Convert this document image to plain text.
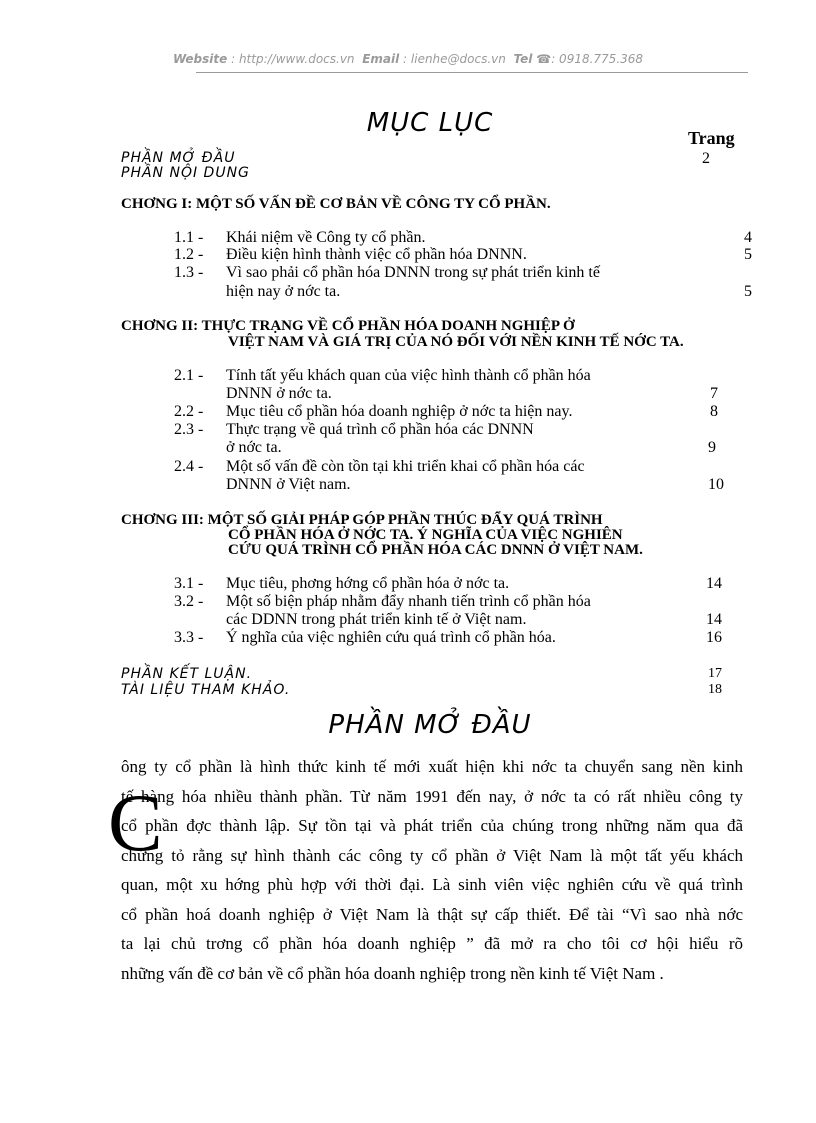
Website : http://www.docs.vn Email : lienhe@docs.vn Tel ☎: 0918.775.368
MỤC LỤC	Trang
PHẦN MỞ ĐẦU	2
PHẦN NỘI DUNG
CHƠNG I: MỘT SỐ VẤN ĐỀ CƠ BẢN VỀ CÔNG TY CỔ PHẦN.
1.1 - Khái niệm về Công ty cổ phần.	4
1.2 - Điều kiện hình thành việc cổ phần hóa DNNN.	5
1.3 - Vì sao phải cổ phần hóa DNNN trong sự phát triển kinh tế
hiện nay ở nớc ta.	5
CHƠNG II: THỰC TRẠNG VỀ CỔ PHẦN HÓA DOANH NGHIỆP Ở
VIỆT NAM VÀ GIÁ TRỊ CỦA NÓ ĐỐI VỚI NỀN KINH TẾ NỚC TA.
2.1 - Tính tất yếu khách quan của việc hình thành cổ phần hóa
DNNN ở nớc ta.	7
2.2 - Mục tiêu cổ phần hóa doanh nghiệp ở nớc ta hiện nay.	8
2.3 - Thực trạng về quá trình cổ phần hóa các DNNN
ở nớc ta.	9
2.4 - Một số vấn đề còn tồn tại khi triển khai cổ phần hóa các
DNNN ở Việt nam.	10
CHƠNG III: MỘT SỐ GIẢI PHÁP GÓP PHẦN THÚC ĐẨY QUÁ TRÌNH
CỔ PHẦN HÓA Ở NỚC TA. Ý NGHĨA CỦA VIỆC NGHIÊN
CỨU QUÁ TRÌNH CỔ PHẦN HÓA CÁC DNNN Ở VIỆT NAM.
3.1 - Mục tiêu, phơng hớng cổ phần hóa ở nớc ta.	14
3.2 - Một số biện pháp nhằm đẩy nhanh tiến trình cổ phần hóa
các DDNN trong phát triển kinh tế ở Việt nam.	14
3.3 - Ý nghĩa của việc nghiên cứu quá trình cổ phần hóa.	16
PHẦN KẾT LUẬN.	17
TÀI LIỆU THAM KHẢO.	18
PHẦN MỞ ĐẦU
C

ông ty cổ phần là hình thức kinh tế mới xuất hiện khi nớc ta chuyển sang nền kinh

tế hàng hóa nhiều thành phần. Từ năm 1991 đến nay, ở nớc ta có rất nhiều công ty

cổ phần đợc thành lập. Sự tồn tại và phát triển của chúng trong những năm qua đã

chứng tỏ rằng sự hình thành các công ty cổ phần ở Việt Nam là một tất yếu khách

quan, một xu hớng phù hợp với thời đại. Là sinh viên việc nghiên cứu về quá trình

cổ phần hoá doanh nghiệp ở Việt Nam là thật sự cấp thiết. Để tài “Vì sao nhà nớc

ta lại chủ trơng cổ phần hóa doanh nghiệp ” đã mở ra cho tôi cơ hội hiểu rõ

những vấn đề cơ bản về cổ phần hóa doanh nghiệp trong nền kinh tế Việt Nam .
